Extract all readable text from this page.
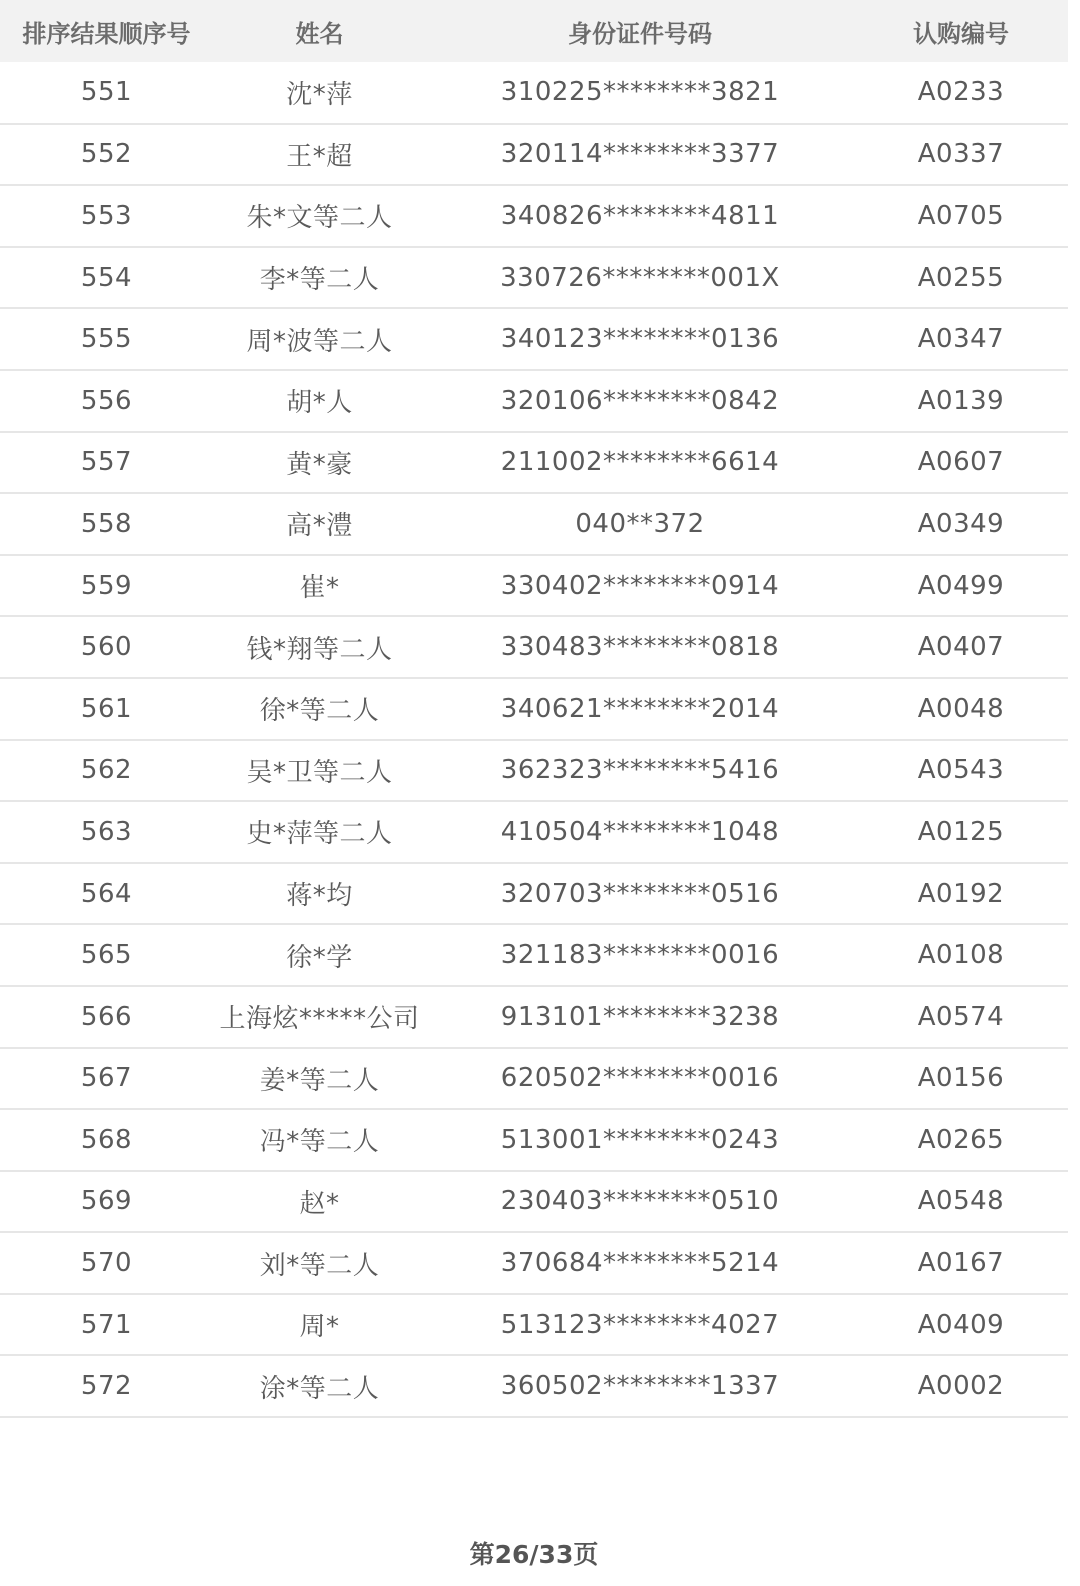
排序结果顺序号	姓名	身份证件号码	认购编号
551	沈*萍	310225********3821	A0233
552	王*超	320114********3377	A0337
553	朱*文等二人	340826********4811	A0705
554	李*等二人	330726********001X	A0255
555	周*波等二人	340123********0136	A0347
556	胡*人	320106********0842	A0139
557	黄*豪	211002********6614	A0607
558	高*澧	040**372	A0349
559	崔*	330402********0914	A0499
560	钱*翔等二人	330483********0818	A0407
561	徐*等二人	340621********2014	A0048
562	吴*卫等二人	362323********5416	A0543
563	史*萍等二人	410504********1048	A0125
564	蒋*均	320703********0516	A0192
565	徐*学	321183********0016	A0108
566	上海炫*****公司	913101********3238	A0574
567	姜*等二人	620502********0016	A0156
568	冯*等二人	513001********0243	A0265
569	赵*	230403********0510	A0548
570	刘*等二人	370684********5214	A0167
571	周*	513123********4027	A0409
572	涂*等二人	360502********1337	A0002
第26/33页
